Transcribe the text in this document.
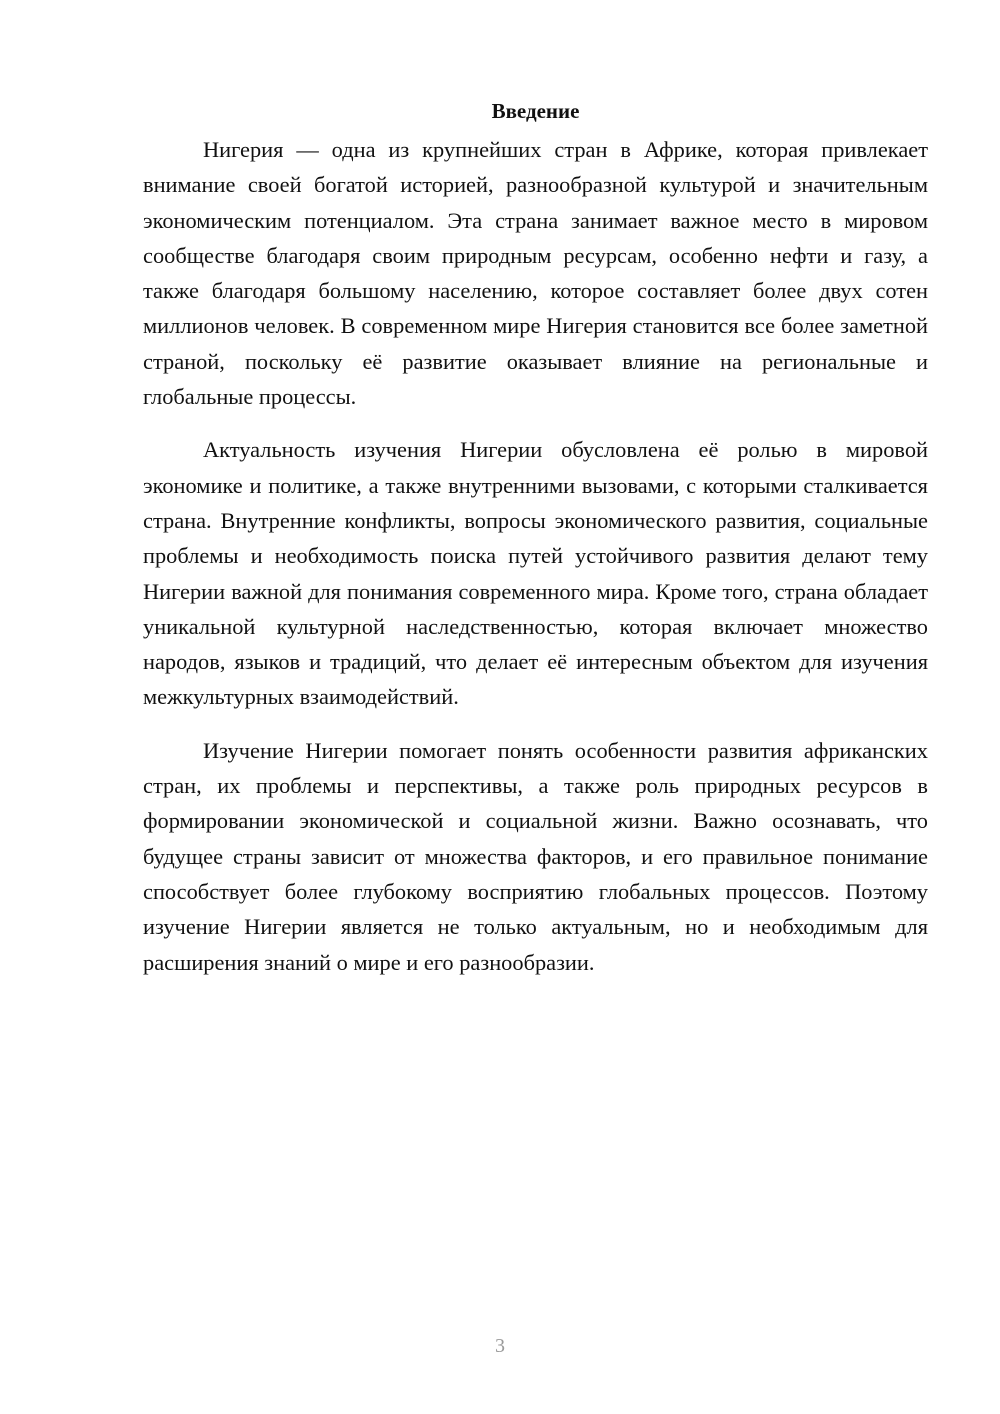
Введение

Нигерия — одна из крупнейших стран в Африке, которая привлекает внимание своей богатой историей, разнообразной культурой и значительным экономическим потенциалом. Эта страна занимает важное место в мировом сообществе благодаря своим природным ресурсам, особенно нефти и газу, а также благодаря большому населению, которое составляет более двух сотен миллионов человек. В современном мире Нигерия становится все более заметной страной, поскольку её развитие оказывает влияние на региональные и глобальные процессы.

Актуальность изучения Нигерии обусловлена её ролью в мировой экономике и политике, а также внутренними вызовами, с которыми сталкивается страна. Внутренние конфликты, вопросы экономического развития, социальные проблемы и необходимость поиска путей устойчивого развития делают тему Нигерии важной для понимания современного мира. Кроме того, страна обладает уникальной культурной наследственностью, которая включает множество народов, языков и традиций, что делает её интересным объектом для изучения межкультурных взаимодействий.

Изучение Нигерии помогает понять особенности развития африканских стран, их проблемы и перспективы, а также роль природных ресурсов в формировании экономической и социальной жизни. Важно осознавать, что будущее страны зависит от множества факторов, и его правильное понимание способствует более глубокому восприятию глобальных процессов. Поэтому изучение Нигерии является не только актуальным, но и необходимым для расширения знаний о мире и его разнообразии.

3
